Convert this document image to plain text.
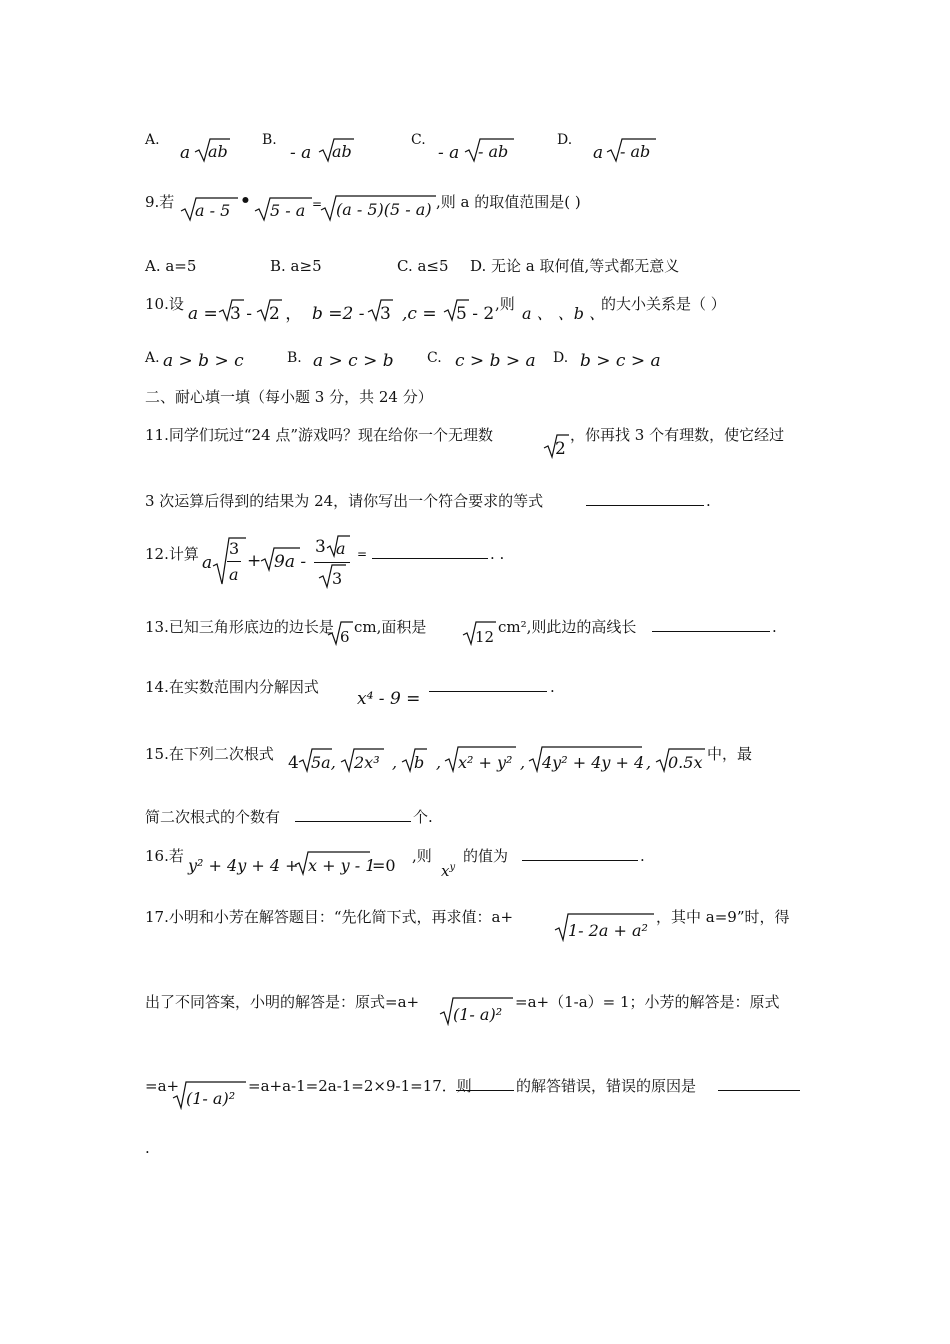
A.
a ab
B.
- a ab
C.
- a - ab
D.
a - ab
9.若 a - 5 • 5 - a = (a - 5)(5 - a) ,则 a 的取值范围是( )
A. a=5	B. a≥5	C. a≤5 D. 无论 a 取何值,等式都无意义
10.设 a = 3 - 2 ， b =2 - 3 ,c = 5 - 2 ,则 a 、 、b 、
的大小关系是（ ）
A. a > b > c	B. a > c > b C. c > b > a D. b > c > a
二、耐心填一填（每小题 3 分，共 24 分）
11.同学们玩过“24 点”游戏吗？现在给你一个无理数
2
，你再找 3 个有理数，使它经过
3 次运算后得到的结果为 24，请你写出一个符合要求的等式	.
12.计算 a
3
a
+ 9a -
3 a
3
=	. .
13.已知三角形底边的边长是
6
cm,面积是
12
cm²,则此边的高线长	.
14.在实数范围内分解因式
x⁴ - 9 =
.
15.在下列二次根式 4 5a, 2x³ , b , x² + y² , 4y² + 4y + 4 , 0.5x 中，最
简二次根式的个数有	个.
16.若 y² + 4y + 4 + x + y - 1
=0 ,则
$x^y$
的值为	.
17.小明和小芳在解答题目：“先化简下式，再求值：a+
1- 2a + a²
，其中 a=9”时，得
出了不同答案，小明的解答是：原式=a+
(1- a)²
=a+（1-a）= 1；小芳的解答是：原式
=a+
(1- a)²
=a+a-1=2a-1=2×9-1=17．则	的解答错误，错误的原因是
.
